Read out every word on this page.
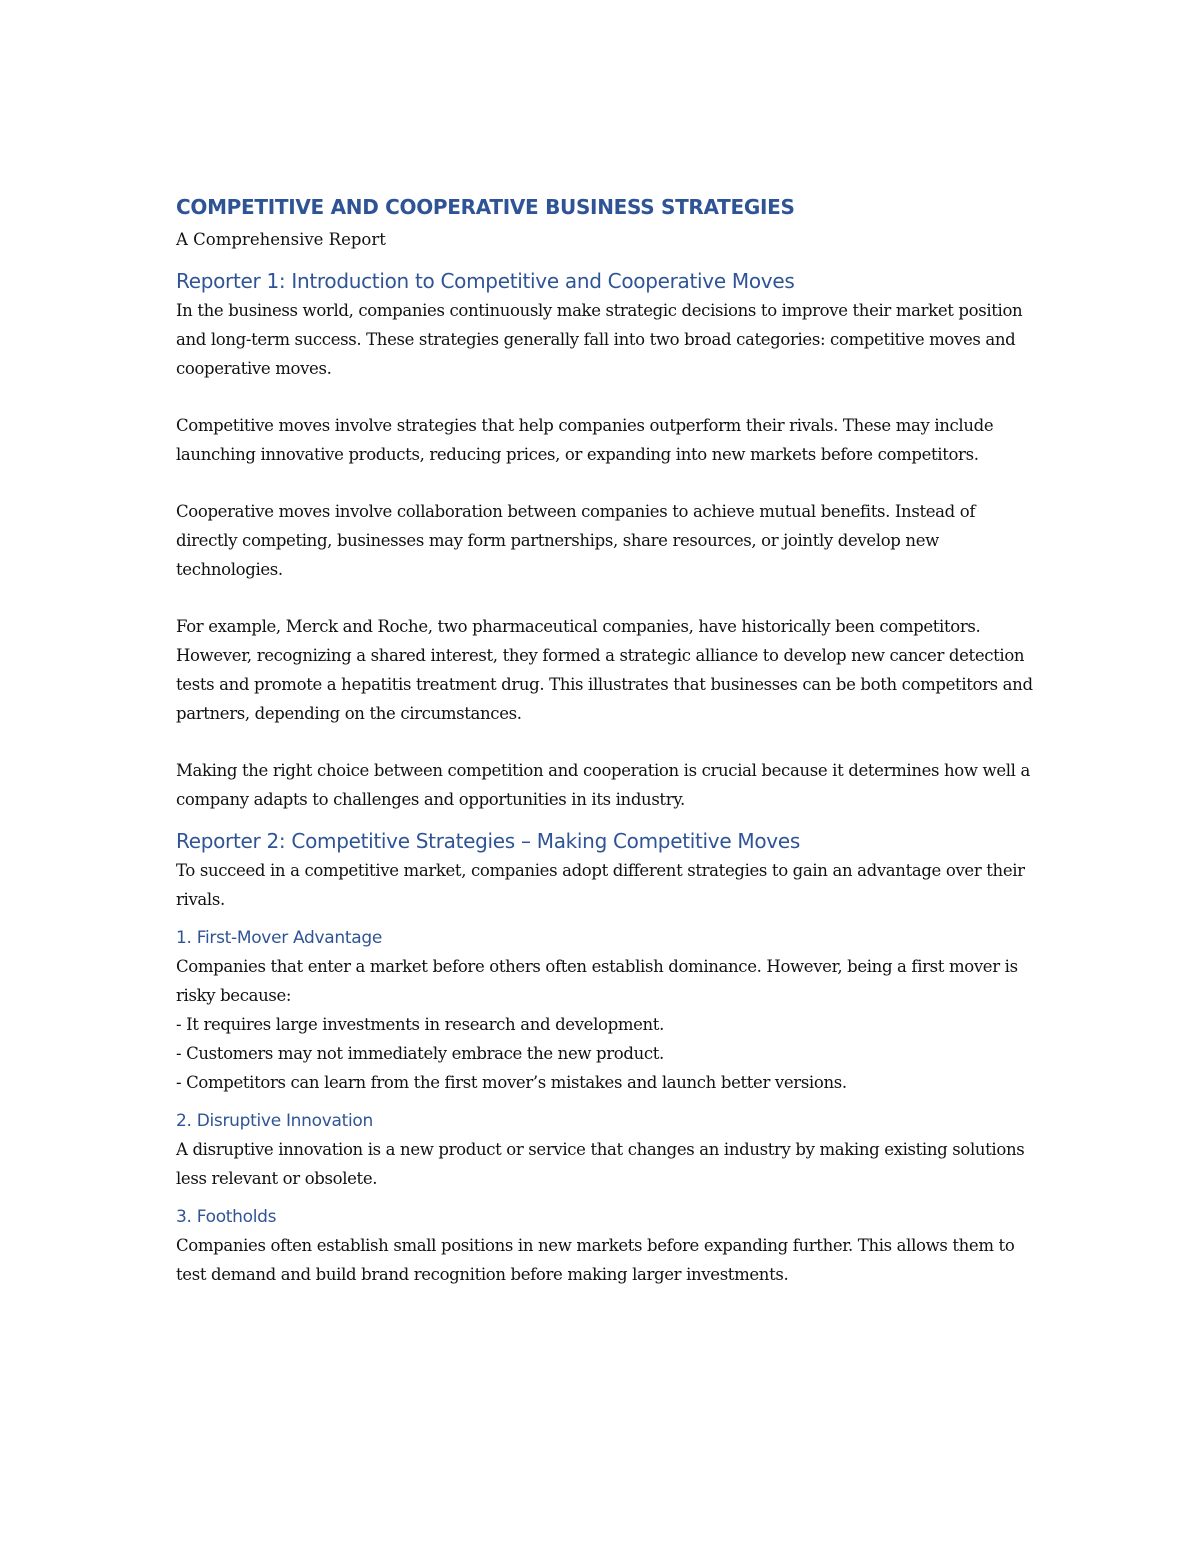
COMPETITIVE AND COOPERATIVE BUSINESS STRATEGIES

A Comprehensive Report

Reporter 1: Introduction to Competitive and Cooperative Moves

In the business world, companies continuously make strategic decisions to improve their market position and long-term success. These strategies generally fall into two broad categories: competitive moves and cooperative moves.

Competitive moves involve strategies that help companies outperform their rivals. These may include launching innovative products, reducing prices, or expanding into new markets before competitors.

Cooperative moves involve collaboration between companies to achieve mutual benefits. Instead of directly competing, businesses may form partnerships, share resources, or jointly develop new technologies.

For example, Merck and Roche, two pharmaceutical companies, have historically been competitors. However, recognizing a shared interest, they formed a strategic alliance to develop new cancer detection tests and promote a hepatitis treatment drug. This illustrates that businesses can be both competitors and partners, depending on the circumstances.

Making the right choice between competition and cooperation is crucial because it determines how well a company adapts to challenges and opportunities in its industry.

Reporter 2: Competitive Strategies – Making Competitive Moves

To succeed in a competitive market, companies adopt different strategies to gain an advantage over their rivals.

1. First-Mover Advantage

Companies that enter a market before others often establish dominance. However, being a first mover is risky because:

- It requires large investments in research and development.

- Customers may not immediately embrace the new product.

- Competitors can learn from the first mover’s mistakes and launch better versions.

2. Disruptive Innovation

A disruptive innovation is a new product or service that changes an industry by making existing solutions less relevant or obsolete.

3. Footholds

Companies often establish small positions in new markets before expanding further. This allows them to test demand and build brand recognition before making larger investments.
